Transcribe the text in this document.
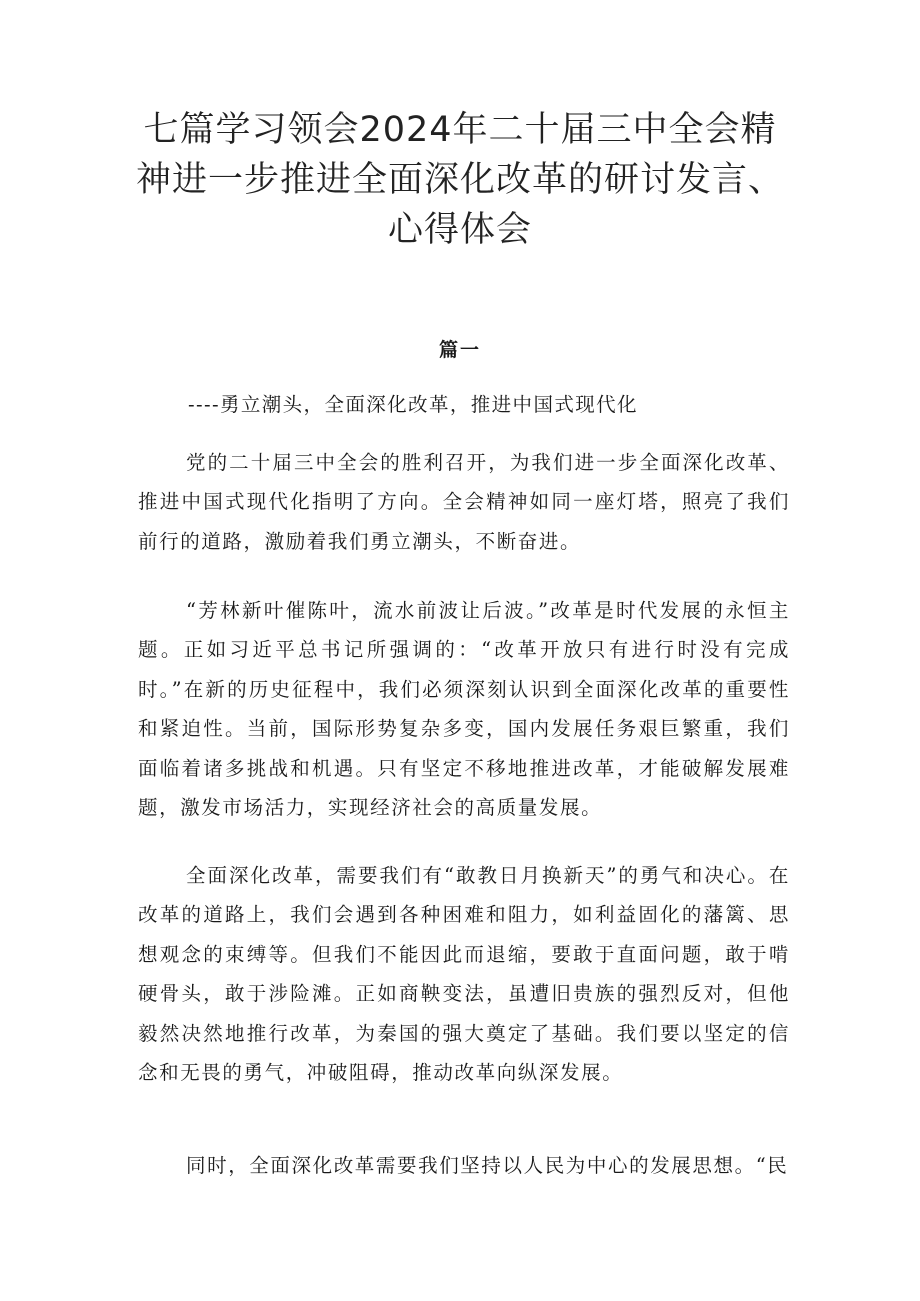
七篇学习领会2024年二十届三中全会精神进一步推进全面深化改革的研讨发言、心得体会
篇一

----勇立潮头，全面深化改革，推进中国式现代化

党的二十届三中全会的胜利召开，为我们进一步全面深化改革、推进中国式现代化指明了方向。全会精神如同一座灯塔，照亮了我们前行的道路，激励着我们勇立潮头，不断奋进。

“芳林新叶催陈叶，流水前波让后波。”改革是时代发展的永恒主题。正如习近平总书记所强调的：“改革开放只有进行时没有完成时。”在新的历史征程中，我们必须深刻认识到全面深化改革的重要性和紧迫性。当前，国际形势复杂多变，国内发展任务艰巨繁重，我们面临着诸多挑战和机遇。只有坚定不移地推进改革，才能破解发展难题，激发市场活力，实现经济社会的高质量发展。

全面深化改革，需要我们有“敢教日月换新天”的勇气和决心。在改革的道路上，我们会遇到各种困难和阻力，如利益固化的藩篱、思想观念的束缚等。但我们不能因此而退缩，要敢于直面问题，敢于啃硬骨头，敢于涉险滩。正如商鞅变法，虽遭旧贵族的强烈反对，但他毅然决然地推行改革，为秦国的强大奠定了基础。我们要以坚定的信念和无畏的勇气，冲破阻碍，推动改革向纵深发展。

同时，全面深化改革需要我们坚持以人民为中心的发展思想。“民
